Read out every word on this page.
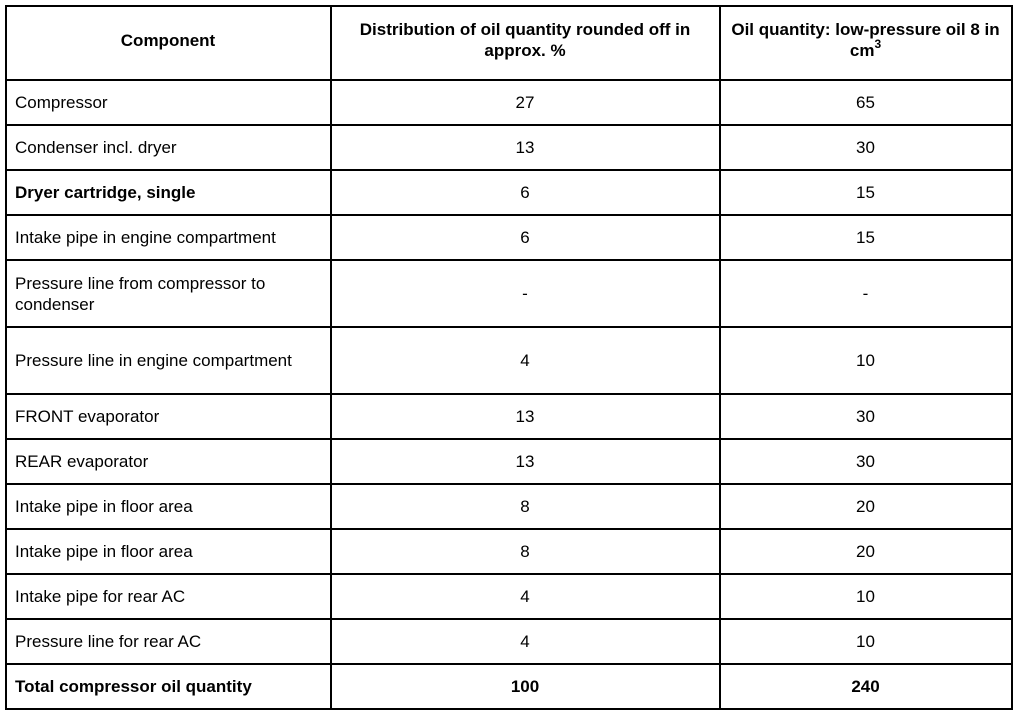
Component	Distribution of oil quantity rounded off in approx. %	Oil quantity: low-pressure oil 8 in $cm^3$
Compressor	27	65
Condenser incl. dryer	13	30
Dryer cartridge, single	6	15
Intake pipe in engine compartment	6	15
Pressure line from compressor to condenser	-	-
Pressure line in engine compartment	4	10
FRONT evaporator	13	30
REAR evaporator	13	30
Intake pipe in floor area	8	20
Intake pipe in floor area	8	20
Intake pipe for rear AC	4	10
Pressure line for rear AC	4	10
Total compressor oil quantity	100	240
